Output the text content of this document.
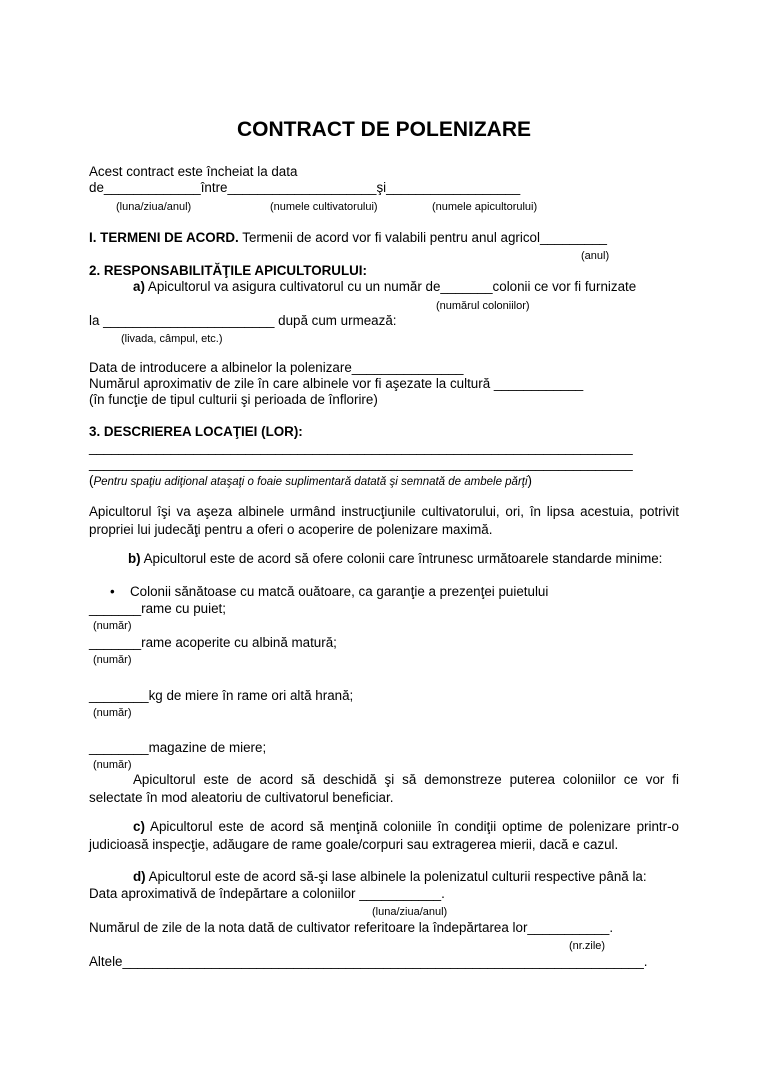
CONTRACT DE POLENIZARE
Acest contract este încheiat la data
de_____________între____________________şi__________________
(luna/ziua/anul)	(numele cultivatorului)	(numele apicultorului)
I. TERMENI DE ACORD. Termenii de acord vor fi valabili pentru anul agricol_________
(anul)
2. RESPONSABILITĂŢILE APICULTORULUI:
a) Apicultorul va asigura cultivatorul cu un număr de_______colonii ce vor fi furnizate
(numărul coloniilor)
la _______________________ după cum urmează:
(livada, câmpul, etc.)
Data de introducere a albinelor la polenizare_______________
Numărul aproximativ de zile în care albinele vor fi aşezate la cultură ____________
(în funcţie de tipul culturii şi perioada de înflorire)
3. DESCRIEREA LOCAŢIEI (LOR):
_________________________________________________________________________
_________________________________________________________________________
(Pentru spaţiu adiţional ataşaţi o foaie suplimentară datată şi semnată de ambele părţi)
Apicultorul îşi va aşeza albinele urmând instrucţiunile cultivatorului, ori, în lipsa acestuia, potrivit propriei lui judecăţi pentru a oferi o acoperire de polenizare maximă.
b) Apicultorul este de acord să ofere colonii care întrunesc următoarele standarde minime:
• Colonii sănătoase cu matcă ouătoare, ca garanţie a prezenţei puietului
_______rame cu puiet;
(număr)
_______rame acoperite cu albină matură;
(număr)
________kg de miere în rame ori altă hrană;
(număr)
________magazine de miere;
(număr)
Apicultorul este de acord să deschidă şi să demonstreze puterea coloniilor ce vor fi selectate în mod aleatoriu de cultivatorul beneficiar.
c) Apicultorul este de acord să menţină coloniile în condiţii optime de polenizare printr-o judicioasă inspecţie, adăugare de rame goale/corpuri sau extragerea mierii, dacă e cazul.
d) Apicultorul este de acord să-şi lase albinele la polenizatul culturii respective până la:
Data aproximativă de îndepărtare a coloniilor ___________.
(luna/ziua/anul)
Numărul de zile de la nota dată de cultivator referitoare la îndepărtarea lor___________.
(nr.zile)
Altele______________________________________________________________________.
